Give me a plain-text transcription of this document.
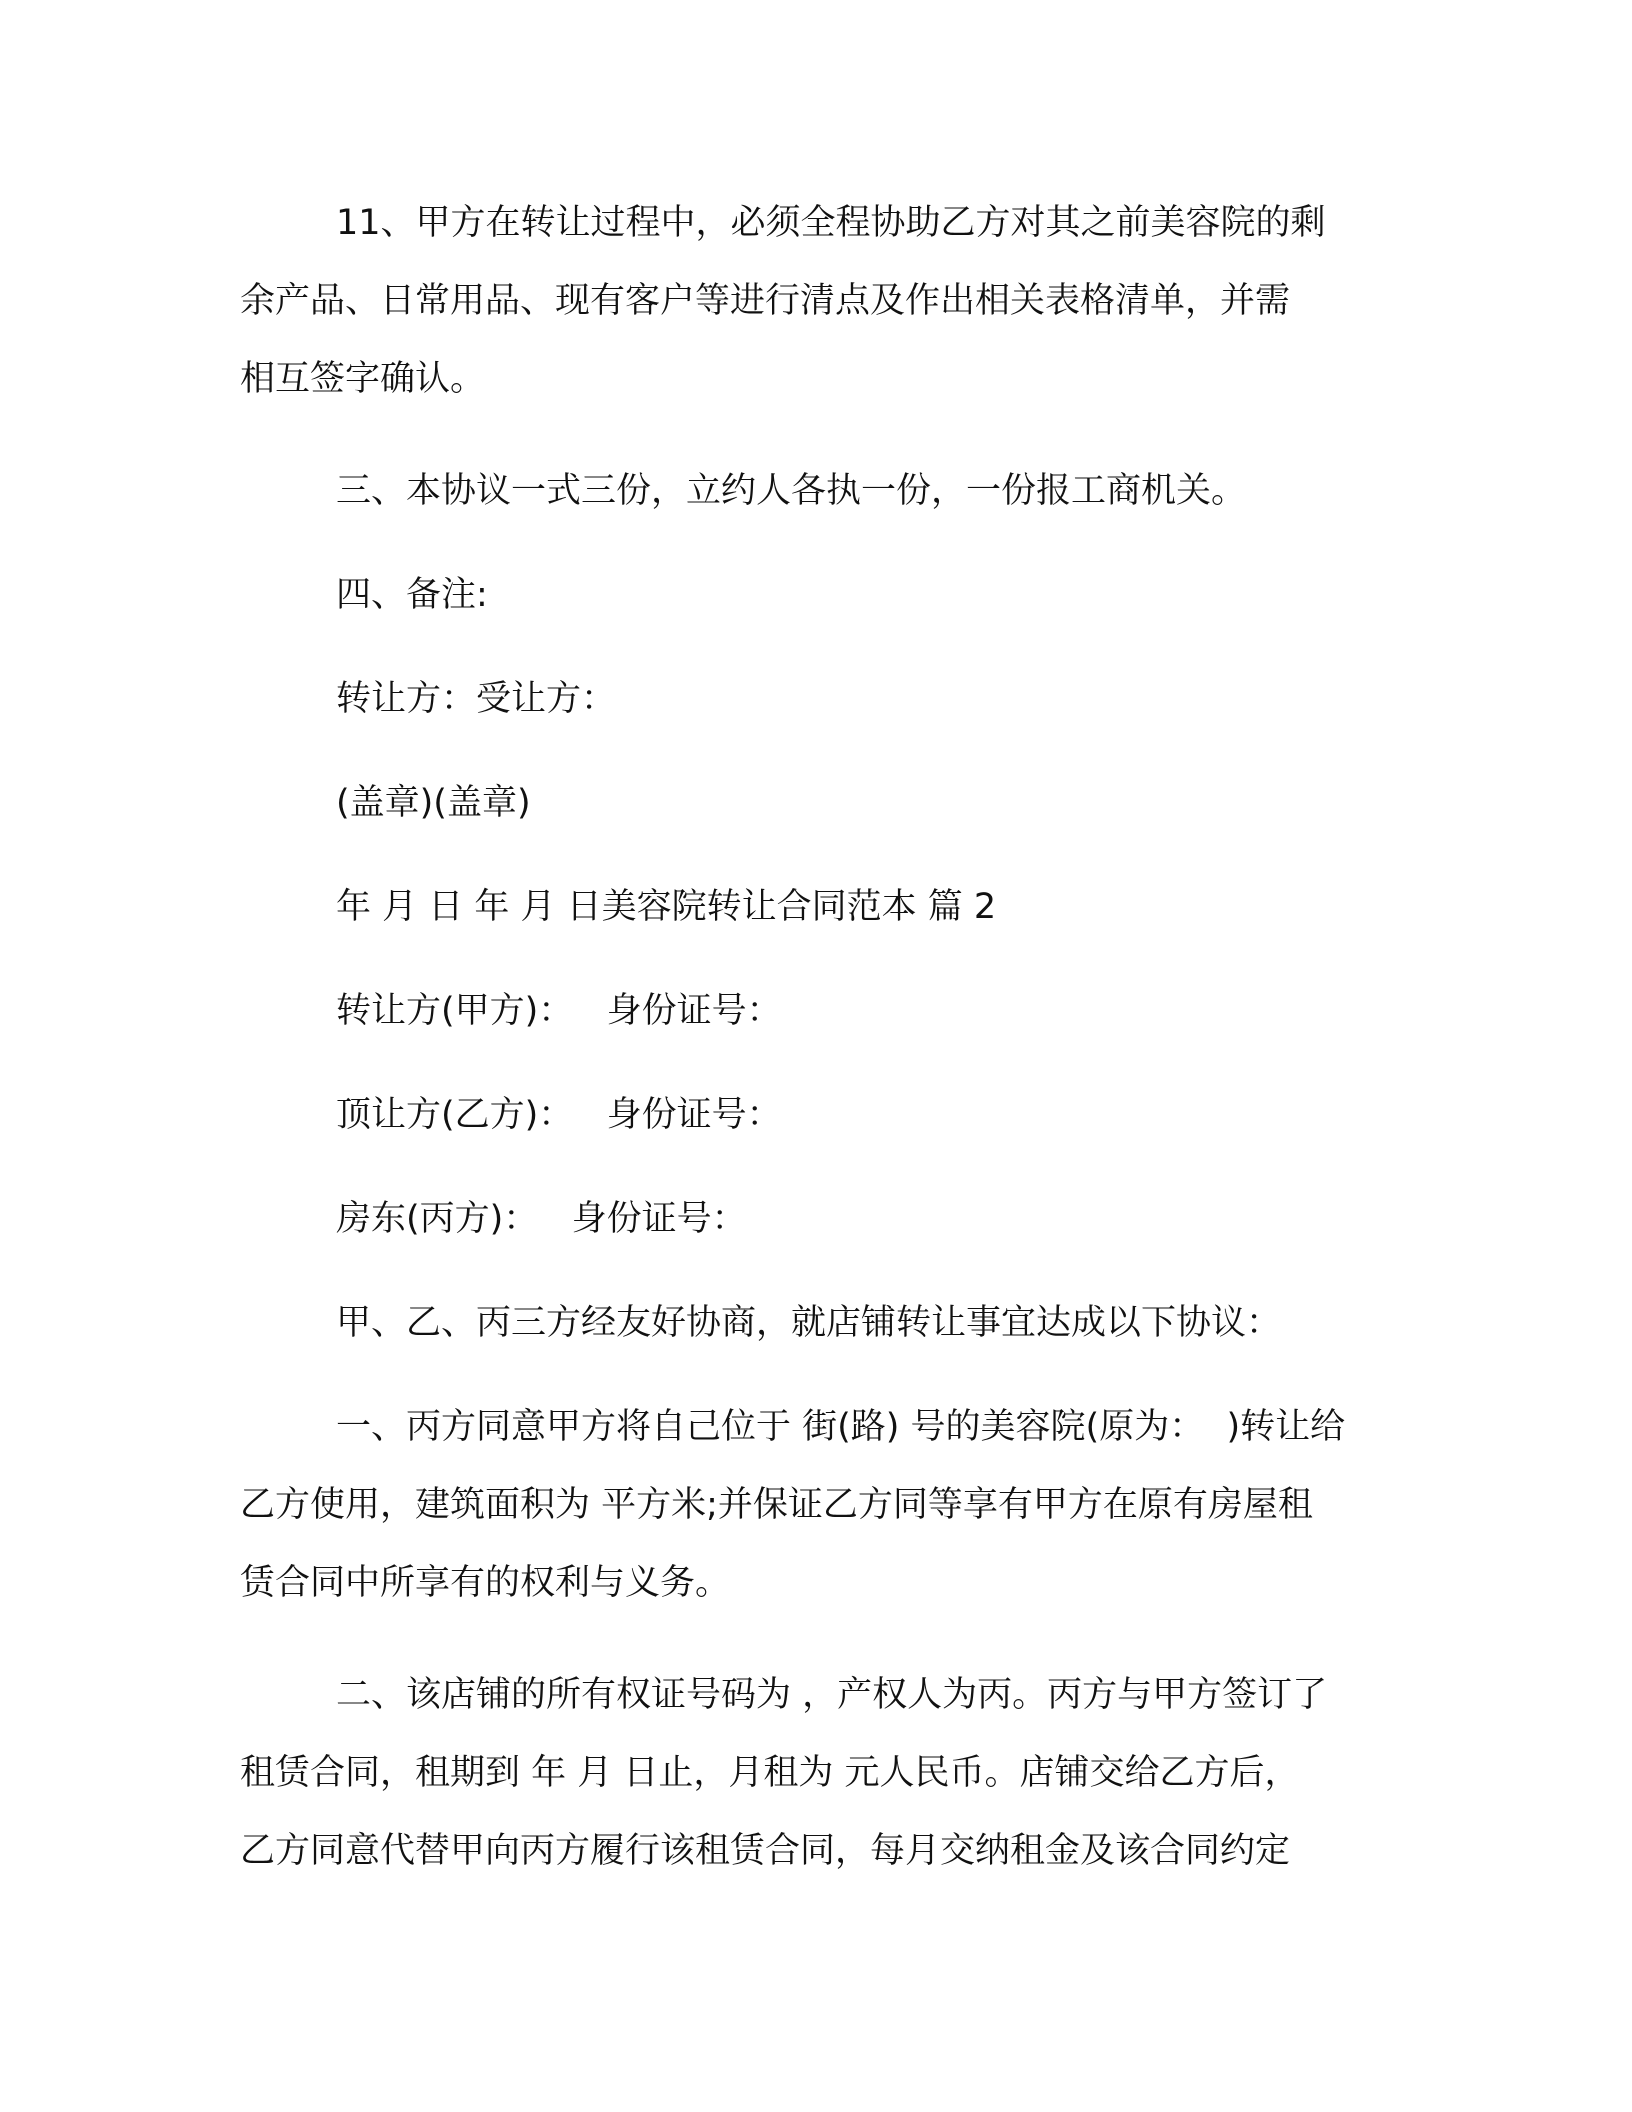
11、甲方在转让过程中，必须全程协助乙方对其之前美容院的剩
余产品、日常用品、现有客户等进行清点及作出相关表格清单，并需
相互签字确认。
三、本协议一式三份，立约人各执一份，一份报工商机关。
四、备注:
转让方：受让方：
(盖章)(盖章)
年 月 日 年 月 日美容院转让合同范本 篇 2
转让方(甲方)：   身份证号：
顶让方(乙方)：   身份证号：
房东(丙方)：   身份证号：
甲、乙、丙三方经友好协商，就店铺转让事宜达成以下协议：
一、丙方同意甲方将自己位于 街(路) 号的美容院(原为：  )转让给
乙方使用，建筑面积为 平方米;并保证乙方同等享有甲方在原有房屋租
赁合同中所享有的权利与义务。
二、该店铺的所有权证号码为 ，产权人为丙。丙方与甲方签订了
租赁合同，租期到 年 月 日止，月租为 元人民币。店铺交给乙方后，
乙方同意代替甲向丙方履行该租赁合同，每月交纳租金及该合同约定
